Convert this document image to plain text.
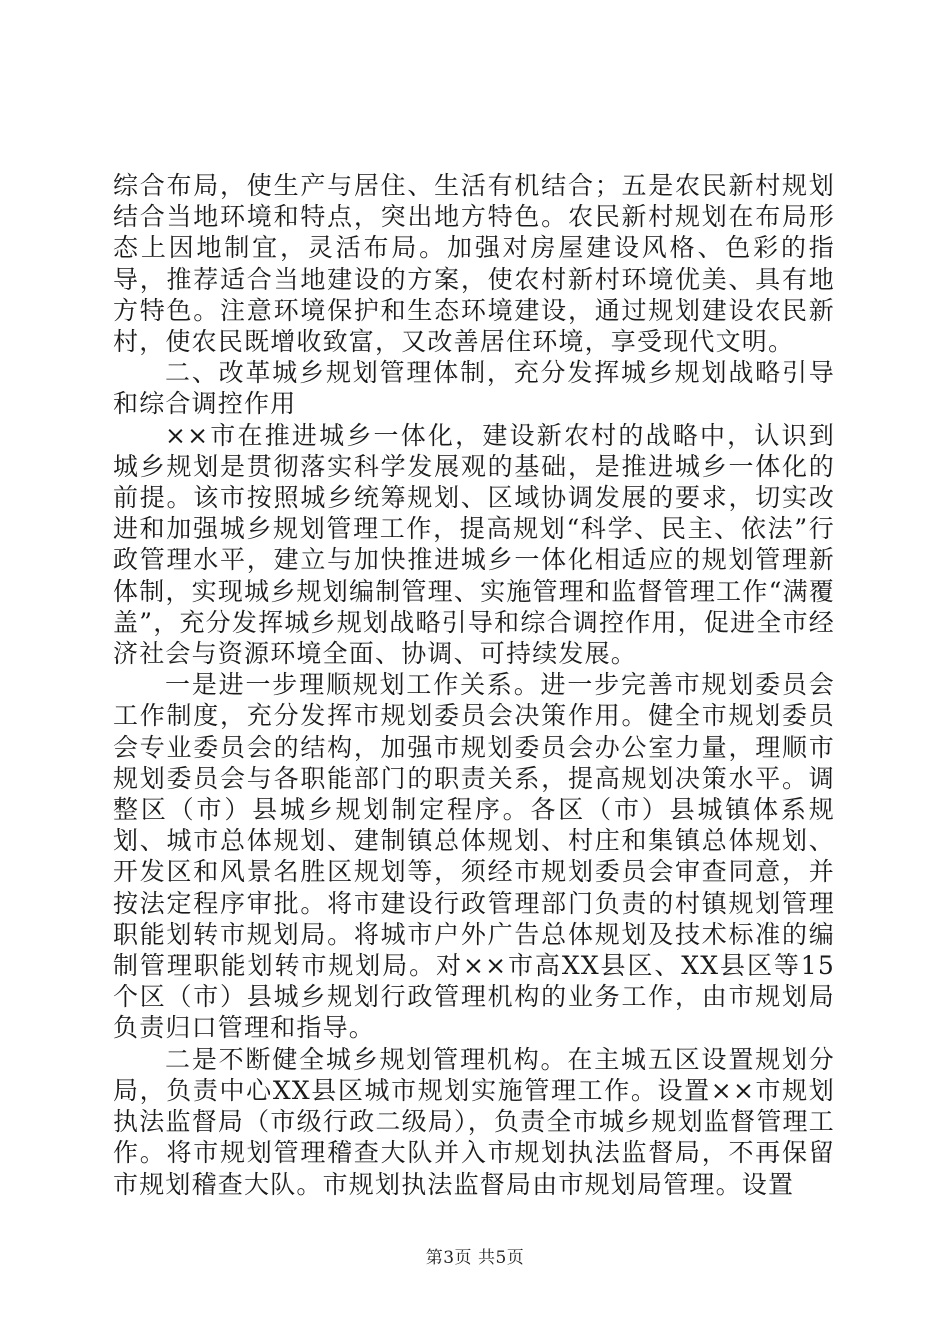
综合布局，使生产与居住、生活有机结合；五是农民新村规划结合当地环境和特点，突出地方特色。农民新村规划在布局形态上因地制宜，灵活布局。加强对房屋建设风格、色彩的指导，推荐适合当地建设的方案，使农村新村环境优美、具有地方特色。注意环境保护和生态环境建设，通过规划建设农民新村，使农民既增收致富，又改善居住环境，享受现代文明。

二、改革城乡规划管理体制，充分发挥城乡规划战略引导和综合调控作用

××市在推进城乡一体化，建设新农村的战略中，认识到城乡规划是贯彻落实科学发展观的基础，是推进城乡一体化的前提。该市按照城乡统筹规划、区域协调发展的要求，切实改进和加强城乡规划管理工作，提高规划“科学、民主、依法”行政管理水平，建立与加快推进城乡一体化相适应的规划管理新体制，实现城乡规划编制管理、实施管理和监督管理工作“满覆盖”，充分发挥城乡规划战略引导和综合调控作用，促进全市经济社会与资源环境全面、协调、可持续发展。

一是进一步理顺规划工作关系。进一步完善市规划委员会工作制度，充分发挥市规划委员会决策作用。健全市规划委员会专业委员会的结构，加强市规划委员会办公室力量，理顺市规划委员会与各职能部门的职责关系，提高规划决策水平。调整区（市）县城乡规划制定程序。各区（市）县城镇体系规划、城市总体规划、建制镇总体规划、村庄和集镇总体规划、开发区和风景名胜区规划等，须经市规划委员会审查同意，并按法定程序审批。将市建设行政管理部门负责的村镇规划管理职能划转市规划局。将城市户外广告总体规划及技术标准的编制管理职能划转市规划局。对××市高XX县区、XX县区等15个区（市）县城乡规划行政管理机构的业务工作，由市规划局负责归口管理和指导。

二是不断健全城乡规划管理机构。在主城五区设置规划分局，负责中心XX县区城市规划实施管理工作。设置××市规划执法监督局（市级行政二级局），负责全市城乡规划监督管理工作。将市规划管理稽查大队并入市规划执法监督局，不再保留市规划稽查大队。市规划执法监督局由市规划局管理。设置

第3页 共5页
